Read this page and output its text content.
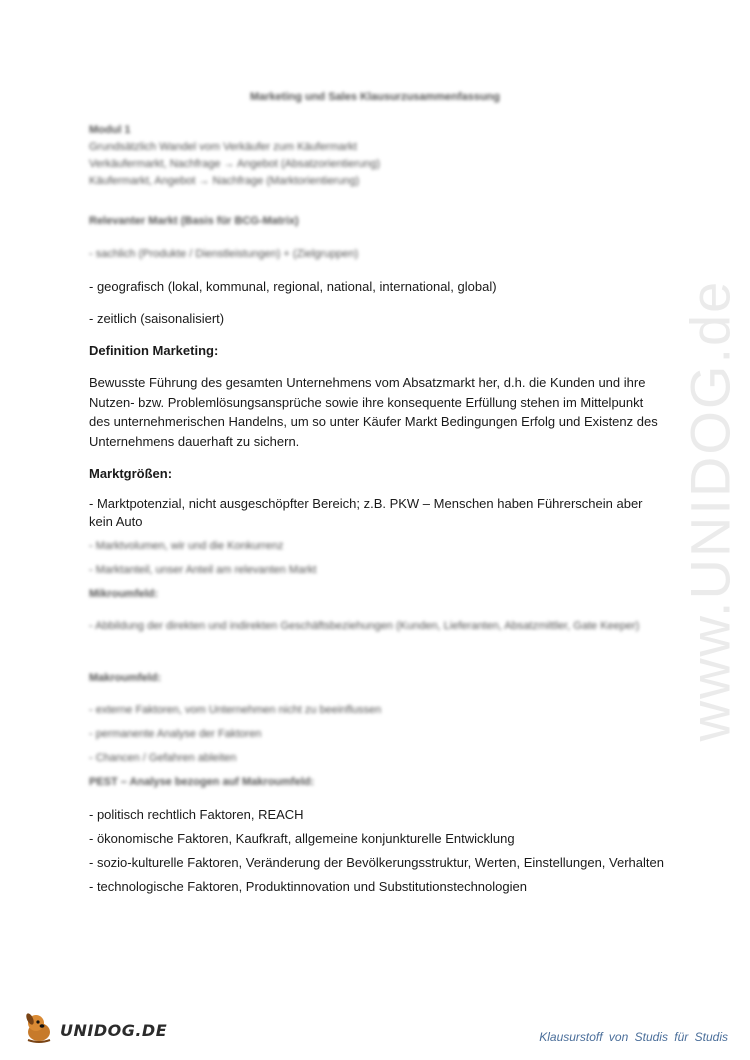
www.UNIDOG.de
Marketing und Sales Klausurzusammenfassung
Modul 1
Grundsätzlich Wandel vom Verkäufer zum Käufermarkt
Verkäufermarkt, Nachfrage → Angebot (Absatzorientierung)
Käufermarkt, Angebot → Nachfrage (Marktorientierung)
Relevanter Markt (Basis für BCG-Matrix)
- sachlich (Produkte / Dienstleistungen) + (Zielgruppen)
- geografisch (lokal, kommunal, regional, national, international, global)
- zeitlich (saisonalisiert)
Definition Marketing:
Bewusste Führung des gesamten Unternehmens vom Absatzmarkt her, d.h. die Kunden und ihre Nutzen- bzw. Problemlösungsansprüche sowie ihre konsequente Erfüllung stehen im Mittelpunkt des unternehmerischen Handelns, um so unter Käufer Markt Bedingungen Erfolg und Existenz des Unternehmens dauerhaft zu sichern.
Marktgrößen:
- Marktpotenzial, nicht ausgeschöpfter Bereich; z.B. PKW – Menschen haben Führerschein aber kein Auto
- Marktvolumen, wir und die Konkurrenz
- Marktanteil, unser Anteil am relevanten Markt
Mikroumfeld:
- Abbildung der direkten und indirekten Geschäftsbeziehungen (Kunden, Lieferanten, Absatzmittler, Gate Keeper)
Makroumfeld:
- externe Faktoren, vom Unternehmen nicht zu beeinflussen
- permanente Analyse der Faktoren
- Chancen / Gefahren ableiten
PEST – Analyse bezogen auf Makroumfeld:
- politisch rechtlich Faktoren, REACH
- ökonomische Faktoren, Kaufkraft, allgemeine konjunkturelle Entwicklung
- sozio-kulturelle Faktoren, Veränderung der Bevölkerungsstruktur, Werten, Einstellungen, Verhalten
- technologische Faktoren, Produktinnovation und Substitutionstechnologien
UNIDOG.DE	Klausurstoff von Studis für Studis
